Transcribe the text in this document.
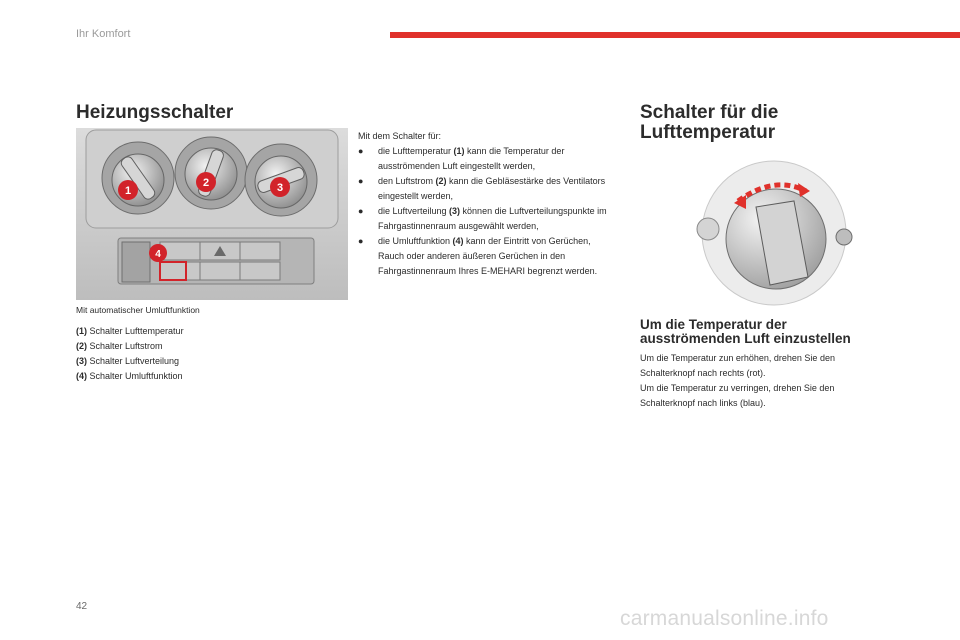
Ihr Komfort
Heizungsschalter
1
2	3
4
Mit automatischer Umluftfunktion
(1) Schalter Lufttemperatur
(2) Schalter Luftstrom
(3) Schalter Luftverteilung
(4) Schalter Umluftfunktion
Mit dem Schalter für:
● die Lufttemperatur (1) kann die Temperatur der ausströmenden Luft eingestellt werden,
● den Luftstrom (2) kann die Gebläsestärke des Ventilators eingestellt werden,
● die Luftverteilung (3) können die Luftverteilungspunkte im Fahrgastinnenraum ausgewählt werden,
● die Umluftfunktion (4) kann der Eintritt von Gerüchen, Rauch oder anderen äußeren Gerüchen in den Fahrgastinnenraum Ihres E-MEHARI begrenzt werden.
Schalter für die
Lufttemperatur
Um die Temperatur der
ausströmenden Luft einzustellen
Um die Temperatur zun erhöhen, drehen Sie den Schalterknopf nach rechts (rot).
Um die Temperatur zu verringen, drehen Sie den Schalterknopf nach links (blau).
42
carmanualsonline.info
